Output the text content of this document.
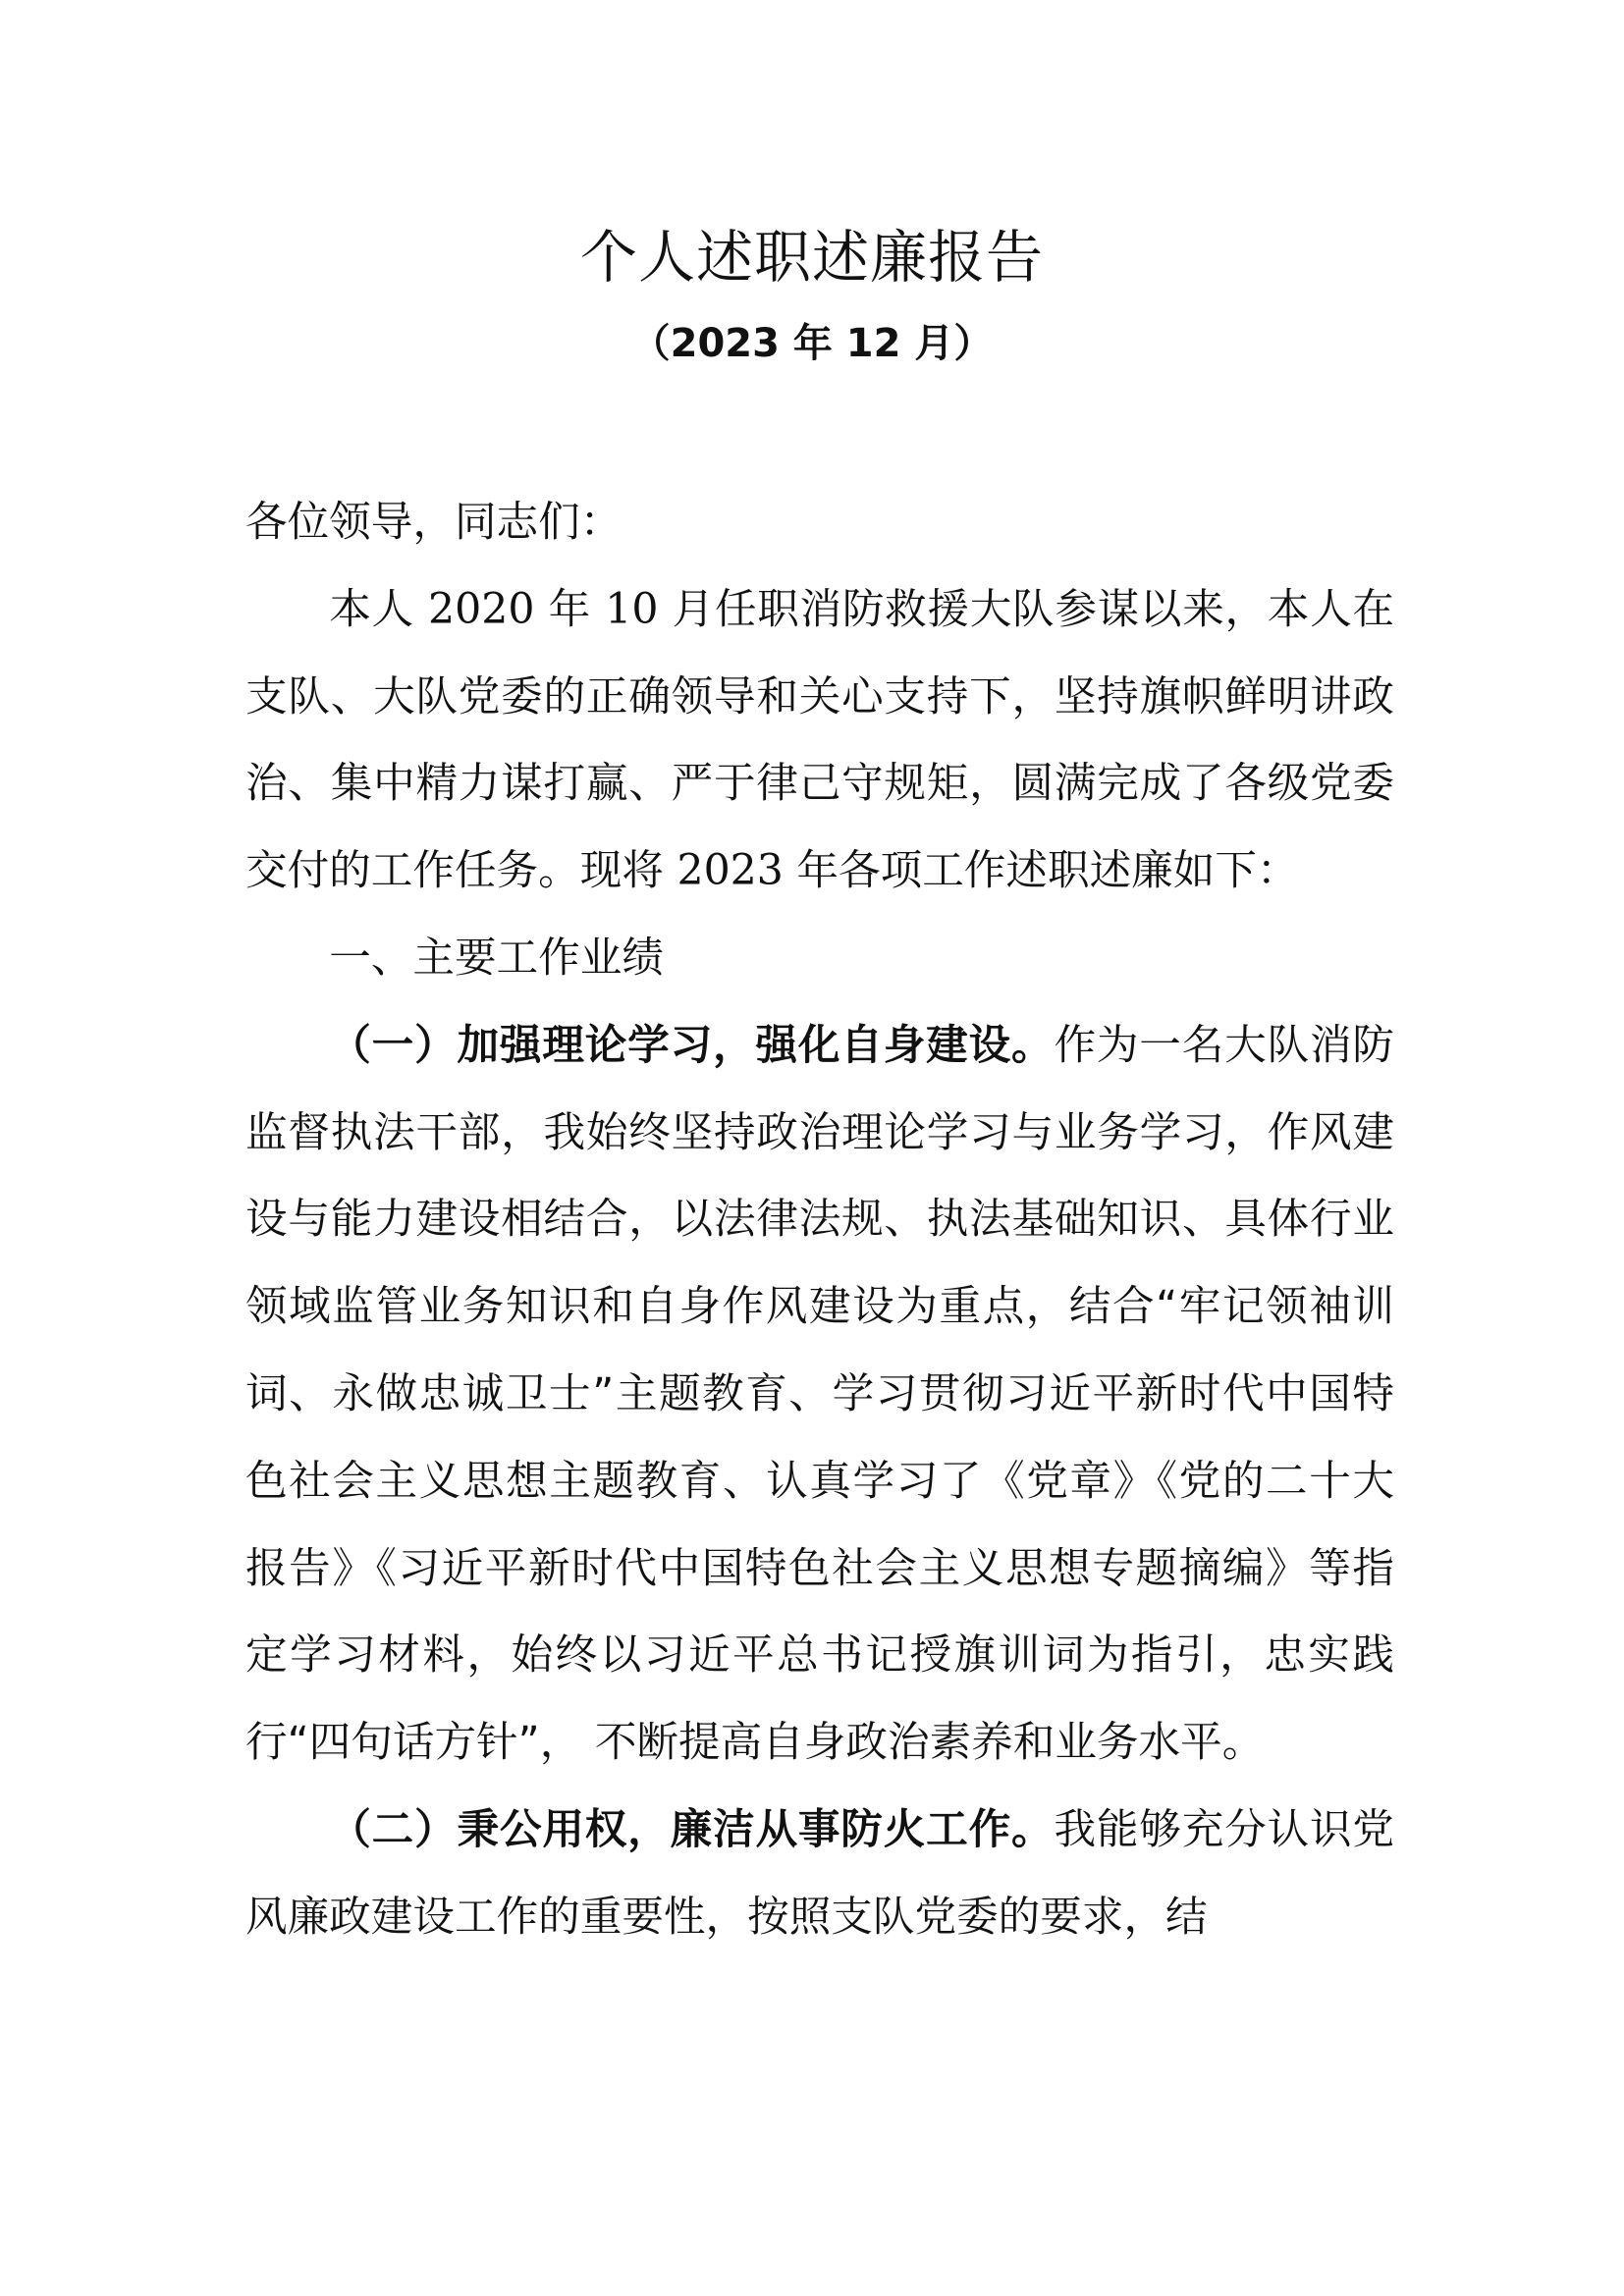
个人述职述廉报告
（2023 年 12 月）

各位领导，同志们：

本人 2020 年 10 月任职消防救援大队参谋以来，本人在支队、大队党委的正确领导和关心支持下，坚持旗帜鲜明讲政治、集中精力谋打赢、严于律己守规矩，圆满完成了各级党委交付的工作任务。现将 2023 年各项工作述职述廉如下：

一、主要工作业绩

（一）加强理论学习，强化自身建设。作为一名大队消防监督执法干部，我始终坚持政治理论学习与业务学习，作风建设与能力建设相结合，以法律法规、执法基础知识、具体行业领域监管业务知识和自身作风建设为重点，结合“牢记领袖训词、永做忠诚卫士”主题教育、学习贯彻习近平新时代中国特色社会主义思想主题教育、认真学习了《党章》《党的二十大报告》《习近平新时代中国特色社会主义思想专题摘编》等指定学习材料，始终以习近平总书记授旗训词为指引，忠实践行“四句话方针”， 不断提高自身政治素养和业务水平。

（二）秉公用权，廉洁从事防火工作。我能够充分认识党风廉政建设工作的重要性，按照支队党委的要求，结
